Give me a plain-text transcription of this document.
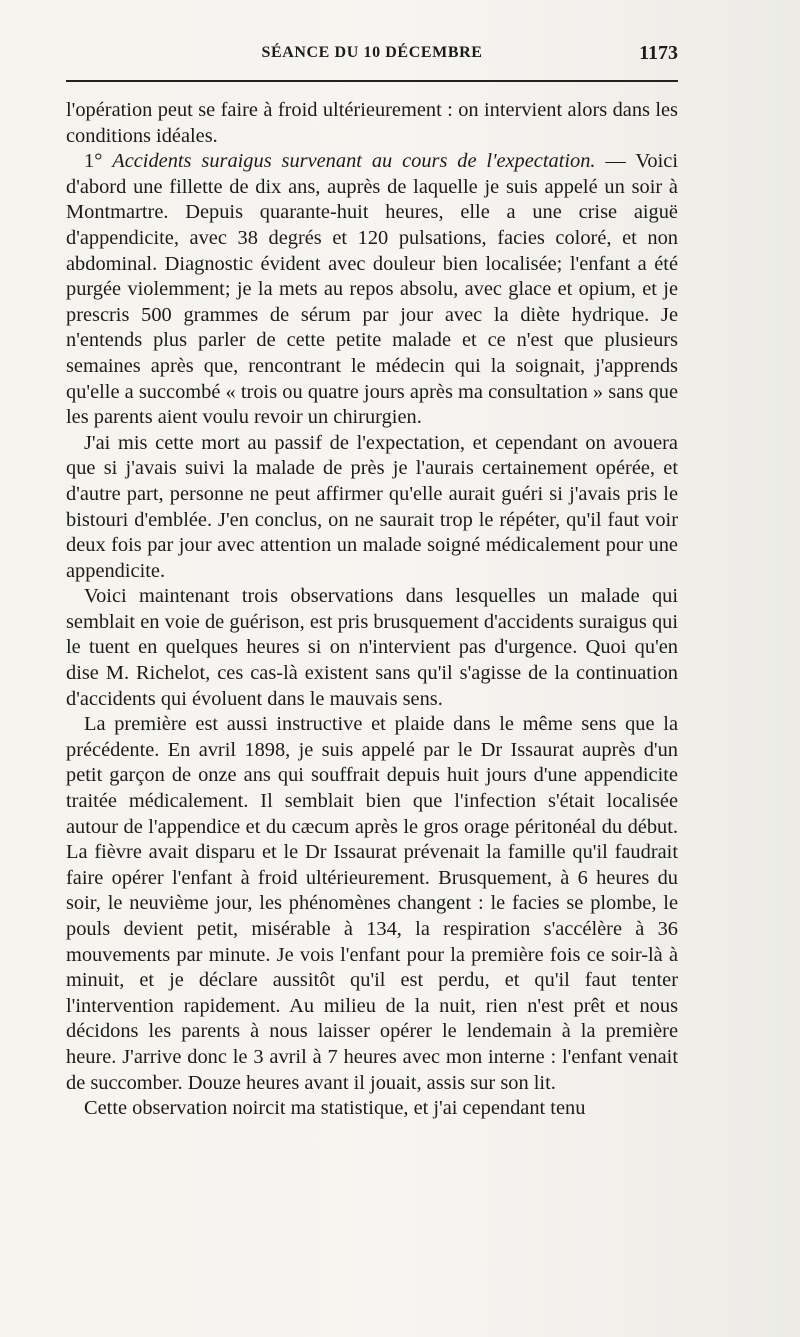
SÉANCE DU 10 DÉCEMBRE	1173

l'opération peut se faire à froid ultérieurement : on intervient alors dans les conditions idéales.

1° Accidents suraigus survenant au cours de l'expectation. — Voici d'abord une fillette de dix ans, auprès de laquelle je suis appelé un soir à Montmartre. Depuis quarante-huit heures, elle a une crise aiguë d'appendicite, avec 38 degrés et 120 pulsations, facies coloré, et non abdominal. Diagnostic évident avec douleur bien localisée; l'enfant a été purgée violemment; je la mets au repos absolu, avec glace et opium, et je prescris 500 grammes de sérum par jour avec la diète hydrique. Je n'entends plus parler de cette petite malade et ce n'est que plusieurs semaines après que, rencontrant le médecin qui la soignait, j'apprends qu'elle a succombé « trois ou quatre jours après ma consultation » sans que les parents aient voulu revoir un chirurgien.

J'ai mis cette mort au passif de l'expectation, et cependant on avouera que si j'avais suivi la malade de près je l'aurais certainement opérée, et d'autre part, personne ne peut affirmer qu'elle aurait guéri si j'avais pris le bistouri d'emblée. J'en conclus, on ne saurait trop le répéter, qu'il faut voir deux fois par jour avec attention un malade soigné médicalement pour une appendicite.

Voici maintenant trois observations dans lesquelles un malade qui semblait en voie de guérison, est pris brusquement d'accidents suraigus qui le tuent en quelques heures si on n'intervient pas d'urgence. Quoi qu'en dise M. Richelot, ces cas-là existent sans qu'il s'agisse de la continuation d'accidents qui évoluent dans le mauvais sens.

La première est aussi instructive et plaide dans le même sens que la précédente. En avril 1898, je suis appelé par le Dr Issaurat auprès d'un petit garçon de onze ans qui souffrait depuis huit jours d'une appendicite traitée médicalement. Il semblait bien que l'infection s'était localisée autour de l'appendice et du cæcum après le gros orage péritonéal du début. La fièvre avait disparu et le Dr Issaurat prévenait la famille qu'il faudrait faire opérer l'enfant à froid ultérieurement. Brusquement, à 6 heures du soir, le neuvième jour, les phénomènes changent : le facies se plombe, le pouls devient petit, misérable à 134, la respiration s'accélère à 36 mouvements par minute. Je vois l'enfant pour la première fois ce soir-là à minuit, et je déclare aussitôt qu'il est perdu, et qu'il faut tenter l'intervention rapidement. Au milieu de la nuit, rien n'est prêt et nous décidons les parents à nous laisser opérer le lendemain à la première heure. J'arrive donc le 3 avril à 7 heures avec mon interne : l'enfant venait de succomber. Douze heures avant il jouait, assis sur son lit.

Cette observation noircit ma statistique, et j'ai cependant tenu
